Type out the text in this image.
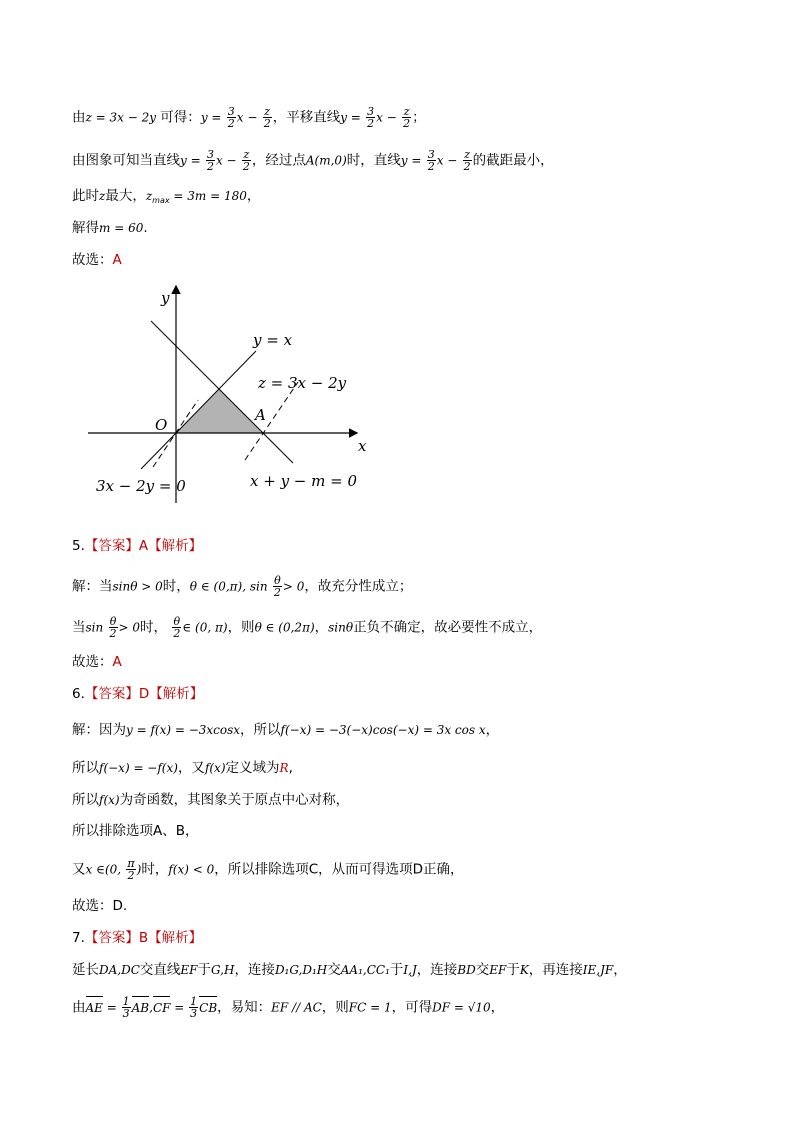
由z = 3x − 2y 可得：$y = \frac{3}{2}$ $x - \frac{z}{2}$ ，平移直线$y = \frac{3}{2}$ $x - \frac{z}{2}$ ；
由图象可知当直线$y = \frac{3}{2}$ $x - \frac{z}{2}$ ，经过点A(m,0)时，直线$y = \frac{3}{2}$ $x - \frac{z}{2}$ 的截距最小，
此时z最大，$z_{max} = 3m = 180$，
解得m = 60.
故选：A
y
x
O
A
y = x
z = 3x − 2y
3x − 2y = 0	x + y − m = 0
5.【答案】A【解析】
解：当sinθ > 0时，θ ∈ (0,π), $\sin \frac{\theta}{2} > 0$，故充分性成立；
当$\sin \frac{\theta}{2} > 0$时， $\frac{\theta}{2}$ ∈ (0, π)，则θ ∈ (0,2π)，sinθ正负不确定，故必要性不成立，
故选：A
6.【答案】D【解析】
解：因为y = f(x) = −3xcosx，所以f(−x) = −3(−x)cos(−x) = 3x cos x，
所以f(−x) = −f(x)，又f(x)定义域为R,
所以f(x)为奇函数，其图象关于原点中心对称，
所以排除选项A、B，
又x ∈(0, $\frac{\pi}{2}$ )时，f(x) < 0，所以排除选项C，从而可得选项D正确，
故选：D.
7.【答案】B【解析】
延长DA,DC交直线EF于G,H，连接D₁G,D₁H交AA₁,CC₁于I,J，连接BD交EF于K，再连接IE,JF，
由AE = $\frac{1}{3} AB,CF = \frac{1}{3}$ CB，易知：EF // AC，则FC = 1，可得DF = √10，
